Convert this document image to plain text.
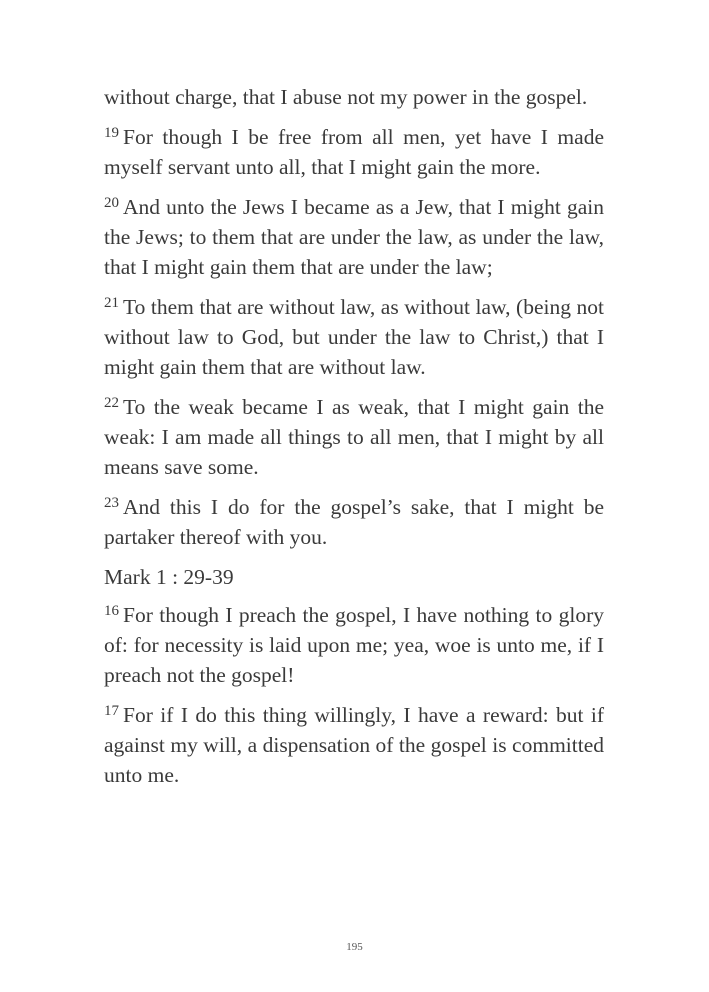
without charge, that I abuse not my power in the gospel.

$^{19}$ For though I be free from all men, yet have I made myself servant unto all, that I might gain the more.

$^{20}$ And unto the Jews I became as a Jew, that I might gain the Jews; to them that are under the law, as under the law, that I might gain them that are under the law;

$^{21}$ To them that are without law, as without law, (being not without law to God, but under the law to Christ,) that I might gain them that are without law.

$^{22}$ To the weak became I as weak, that I might gain the weak: I am made all things to all men, that I might by all means save some.

$^{23}$ And this I do for the gospel’s sake, that I might be partaker thereof with you.

Mark 1 : 29-39

$^{16}$ For though I preach the gospel, I have nothing to glory of: for necessity is laid upon me; yea, woe is unto me, if I preach not the gospel!

$^{17}$ For if I do this thing willingly, I have a reward: but if against my will, a dispensation of the gospel is committed unto me.

195
